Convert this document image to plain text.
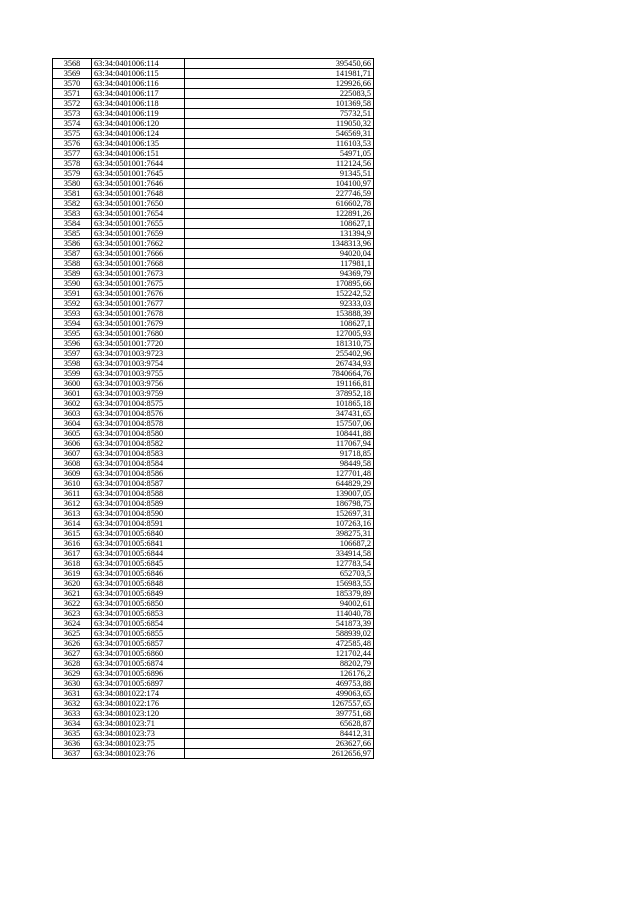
3568	63:34:0401006:114	395450,66
3569	63:34:0401006:115	141981,71
3570	63:34:0401006:116	129926,66
3571	63:34:0401006:117	225083,5
3572	63:34:0401006:118	101369,58
3573	63:34:0401006:119	75732,51
3574	63:34:0401006:120	119050,32
3575	63:34:0401006:124	546569,31
3576	63:34:0401006:135	116103,53
3577	63:34:0401006:151	54971,05
3578	63:34:0501001:7644	112124,56
3579	63:34:0501001:7645	91345,51
3580	63:34:0501001:7646	104100,97
3581	63:34:0501001:7648	227746,59
3582	63:34:0501001:7650	616602,78
3583	63:34:0501001:7654	122891,26
3584	63:34:0501001:7655	108627,1
3585	63:34:0501001:7659	131394,9
3586	63:34:0501001:7662	1348313,96
3587	63:34:0501001:7666	94020,04
3588	63:34:0501001:7668	117981,1
3589	63:34:0501001:7673	94369,79
3590	63:34:0501001:7675	170895,66
3591	63:34:0501001:7676	152242,52
3592	63:34:0501001:7677	92333,03
3593	63:34:0501001:7678	153888,39
3594	63:34:0501001:7679	108627,1
3595	63:34:0501001:7680	127005,93
3596	63:34:0501001:7720	181310,75
3597	63:34:0701003:9723	255402,96
3598	63:34:0701003:9754	267434,93
3599	63:34:0701003:9755	7840664,76
3600	63:34:0701003:9756	191166,81
3601	63:34:0701003:9759	378952,18
3602	63:34:0701004:8575	101865,18
3603	63:34:0701004:8576	347431,65
3604	63:34:0701004:8578	157507,06
3605	63:34:0701004:8580	108441,88
3606	63:34:0701004:8582	117067,94
3607	63:34:0701004:8583	91718,85
3608	63:34:0701004:8584	98449,58
3609	63:34:0701004:8586	127701,48
3610	63:34:0701004:8587	644829,29
3611	63:34:0701004:8588	139007,05
3612	63:34:0701004:8589	186798,75
3613	63:34:0701004:8590	152697,31
3614	63:34:0701004:8591	107263,16
3615	63:34:0701005:6840	398275,31
3616	63:34:0701005:6841	106687,2
3617	63:34:0701005:6844	334914,58
3618	63:34:0701005:6845	127783,54
3619	63:34:0701005:6846	652703,5
3620	63:34:0701005:6848	156983,55
3621	63:34:0701005:6849	185379,89
3622	63:34:0701005:6850	94002,61
3623	63:34:0701005:6853	114040,78
3624	63:34:0701005:6854	541873,39
3625	63:34:0701005:6855	588939,02
3626	63:34:0701005:6857	472585,48
3627	63:34:0701005:6860	121702,44
3628	63:34:0701005:6874	88202,79
3629	63:34:0701005:6896	126176,2
3630	63:34:0701005:6897	469753,88
3631	63:34:0801022:174	499063,65
3632	63:34:0801022:176	1267557,65
3633	63:34:0801023:120	397751,68
3634	63:34:0801023:71	65628,87
3635	63:34:0801023:73	84412,31
3636	63:34:0801023:75	263627,66
3637	63:34:0801023:76	2612656,97
